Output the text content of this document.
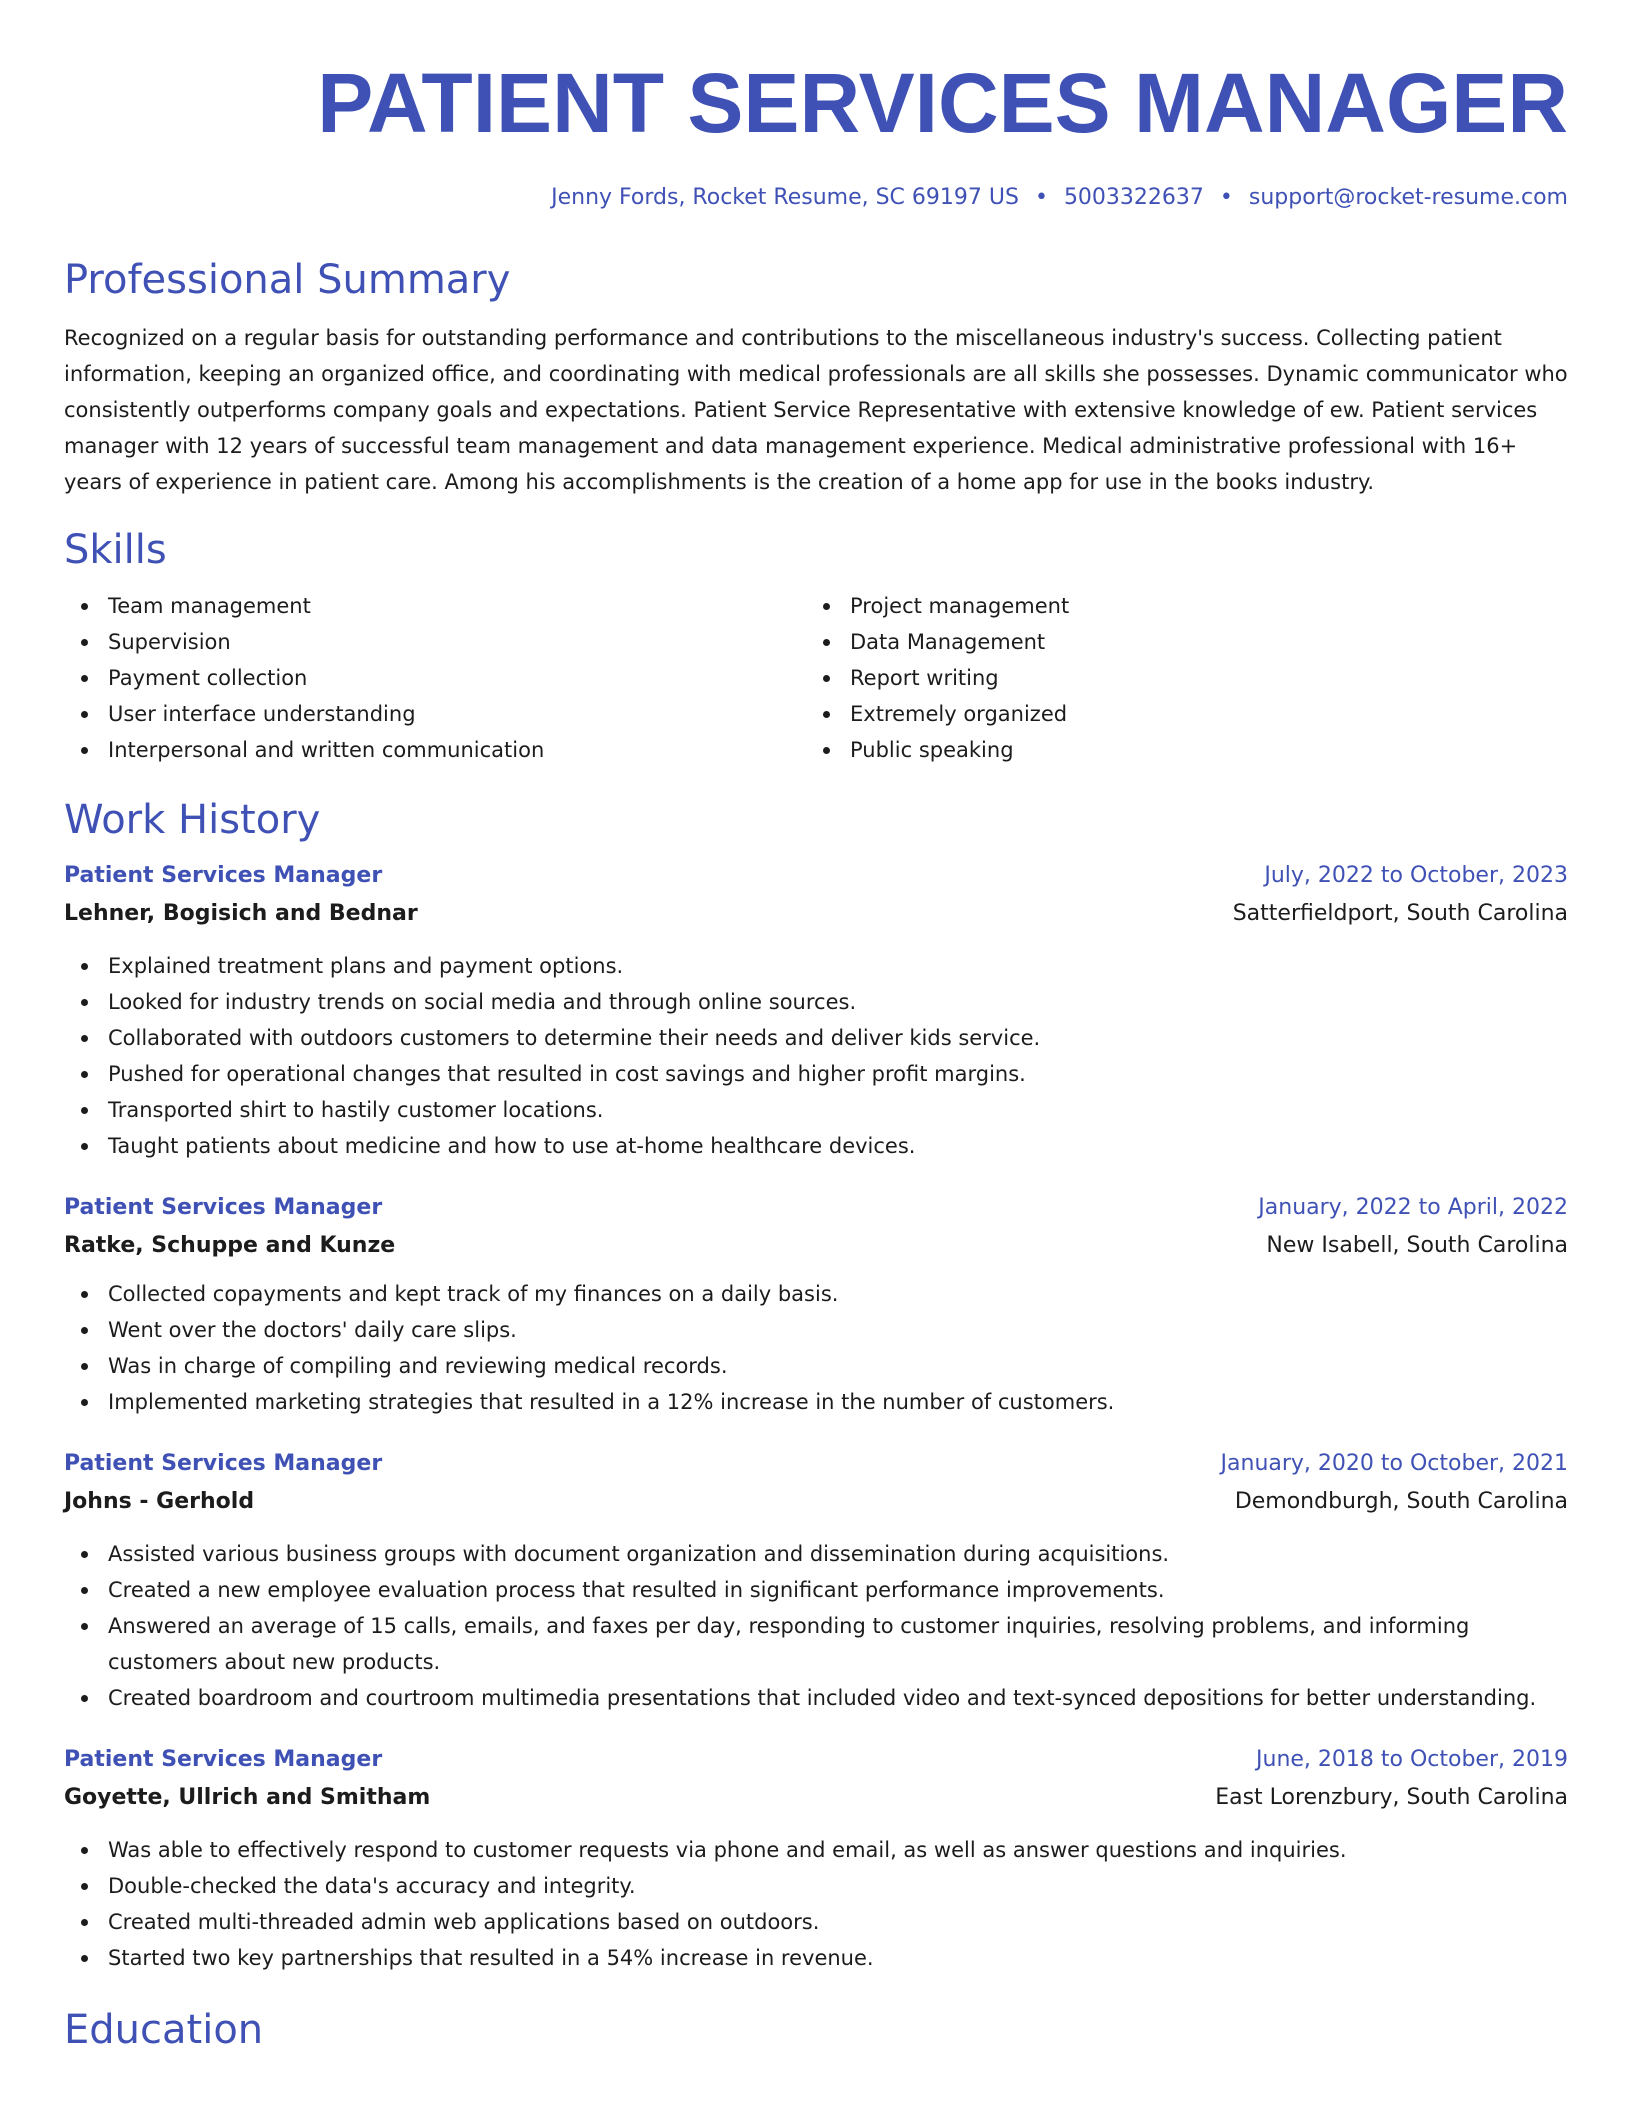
PATIENT SERVICES MANAGER
Jenny Fords, Rocket Resume, SC 69197 US • 5003322637 • support@rocket-resume.com
Professional Summary

Recognized on a regular basis for outstanding performance and contributions to the miscellaneous industry's success. Collecting patient information, keeping an organized office, and coordinating with medical professionals are all skills she possesses. Dynamic communicator who consistently outperforms company goals and expectations. Patient Service Representative with extensive knowledge of ew. Patient services manager with 12 years of successful team management and data management experience. Medical administrative professional with 16+ years of experience in patient care. Among his accomplishments is the creation of a home app for use in the books industry.

Skills
Team management
Supervision
Payment collection
User interface understanding
Interpersonal and written communication
Project management
Data Management
Report writing
Extremely organized
Public speaking
Work History
Patient Services Manager	July, 2022 to October, 2023
Lehner, Bogisich and Bednar	Satterfieldport, South Carolina
Explained treatment plans and payment options.
Looked for industry trends on social media and through online sources.
Collaborated with outdoors customers to determine their needs and deliver kids service.
Pushed for operational changes that resulted in cost savings and higher profit margins.
Transported shirt to hastily customer locations.
Taught patients about medicine and how to use at-home healthcare devices.
Patient Services Manager	January, 2022 to April, 2022
Ratke, Schuppe and Kunze	New Isabell, South Carolina
Collected copayments and kept track of my finances on a daily basis.
Went over the doctors' daily care slips.
Was in charge of compiling and reviewing medical records.
Implemented marketing strategies that resulted in a 12% increase in the number of customers.
Patient Services Manager	January, 2020 to October, 2021
Johns - Gerhold	Demondburgh, South Carolina
Assisted various business groups with document organization and dissemination during acquisitions.
Created a new employee evaluation process that resulted in significant performance improvements.
Answered an average of 15 calls, emails, and faxes per day, responding to customer inquiries, resolving problems, and informing customers about new products.
Created boardroom and courtroom multimedia presentations that included video and text-synced depositions for better understanding.
Patient Services Manager	June, 2018 to October, 2019
Goyette, Ullrich and Smitham	East Lorenzbury, South Carolina
Was able to effectively respond to customer requests via phone and email, as well as answer questions and inquiries.
Double-checked the data's accuracy and integrity.
Created multi-threaded admin web applications based on outdoors.
Started two key partnerships that resulted in a 54% increase in revenue.
Education
